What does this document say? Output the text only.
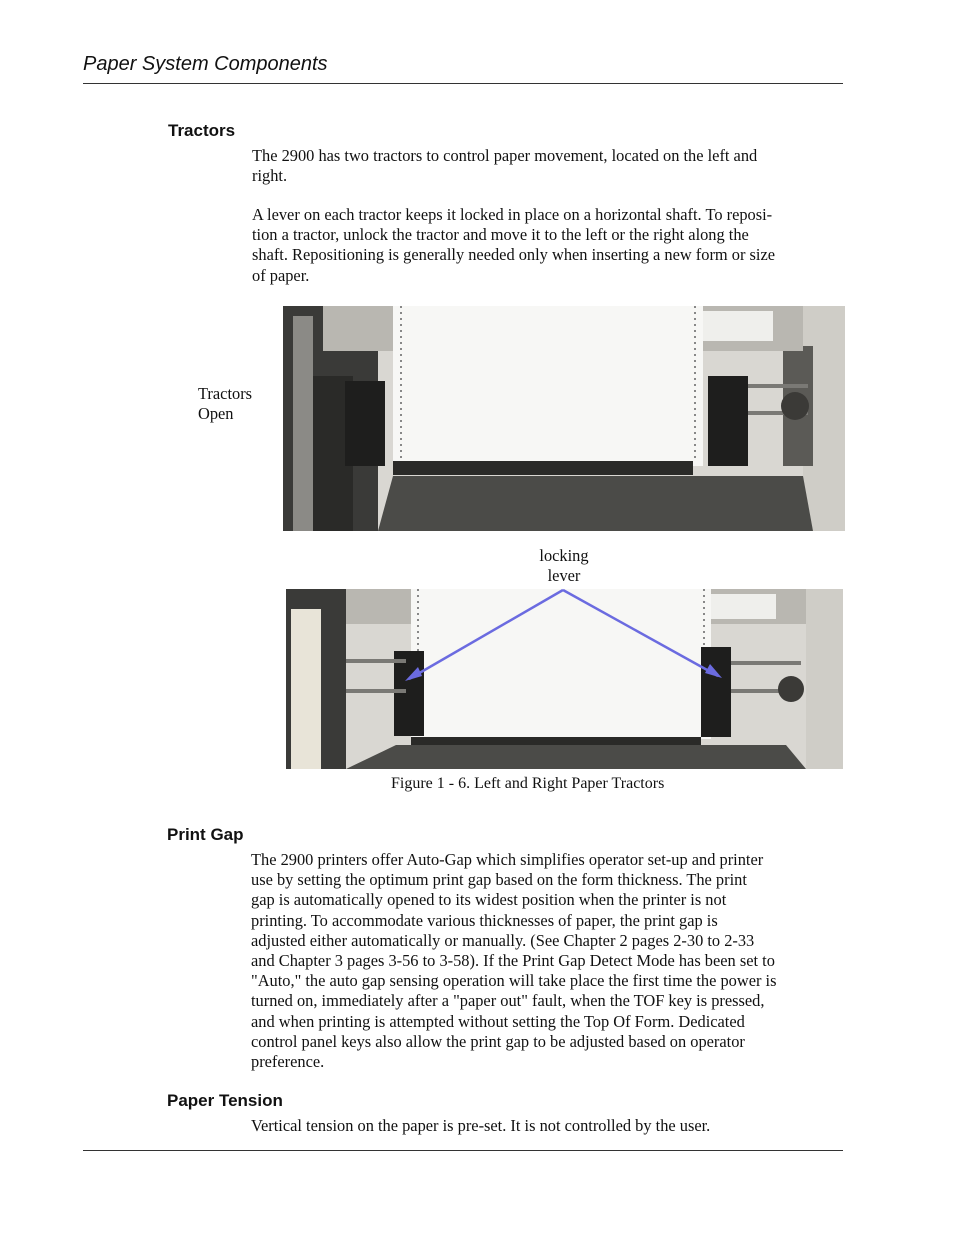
Paper System Components
Tractors
The 2900 has two tractors to control paper movement, located on the left and
right.
A lever on each tractor keeps it locked in place on a horizontal shaft. To reposi-
tion a tractor, unlock the tractor and move it to the left or the right along the
shaft. Repositioning is generally needed only when inserting a new form or size
of paper.
Tractors
Open
locking
lever
Figure 1 - 6. Left and Right Paper Tractors
Print Gap
The 2900 printers offer Auto-Gap which simplifies operator set-up and printer
use by setting the optimum print gap based on the form thickness. The print
gap is automatically opened to its widest position when the printer is not
printing. To accommodate various thicknesses of paper, the print gap is
adjusted either automatically or manually. (See Chapter 2 pages 2-30 to 2-33
and Chapter 3 pages 3-56 to 3-58). If the Print Gap Detect Mode has been set to
"Auto," the auto gap sensing operation will take place the first time the power is
turned on, immediately after a "paper out" fault, when the TOF key is pressed,
and when printing is attempted without setting the Top Of Form. Dedicated
control panel keys also allow the print gap to be adjusted based on operator
preference.
Paper Tension
Vertical tension on the paper is pre-set. It is not controlled by the user.
